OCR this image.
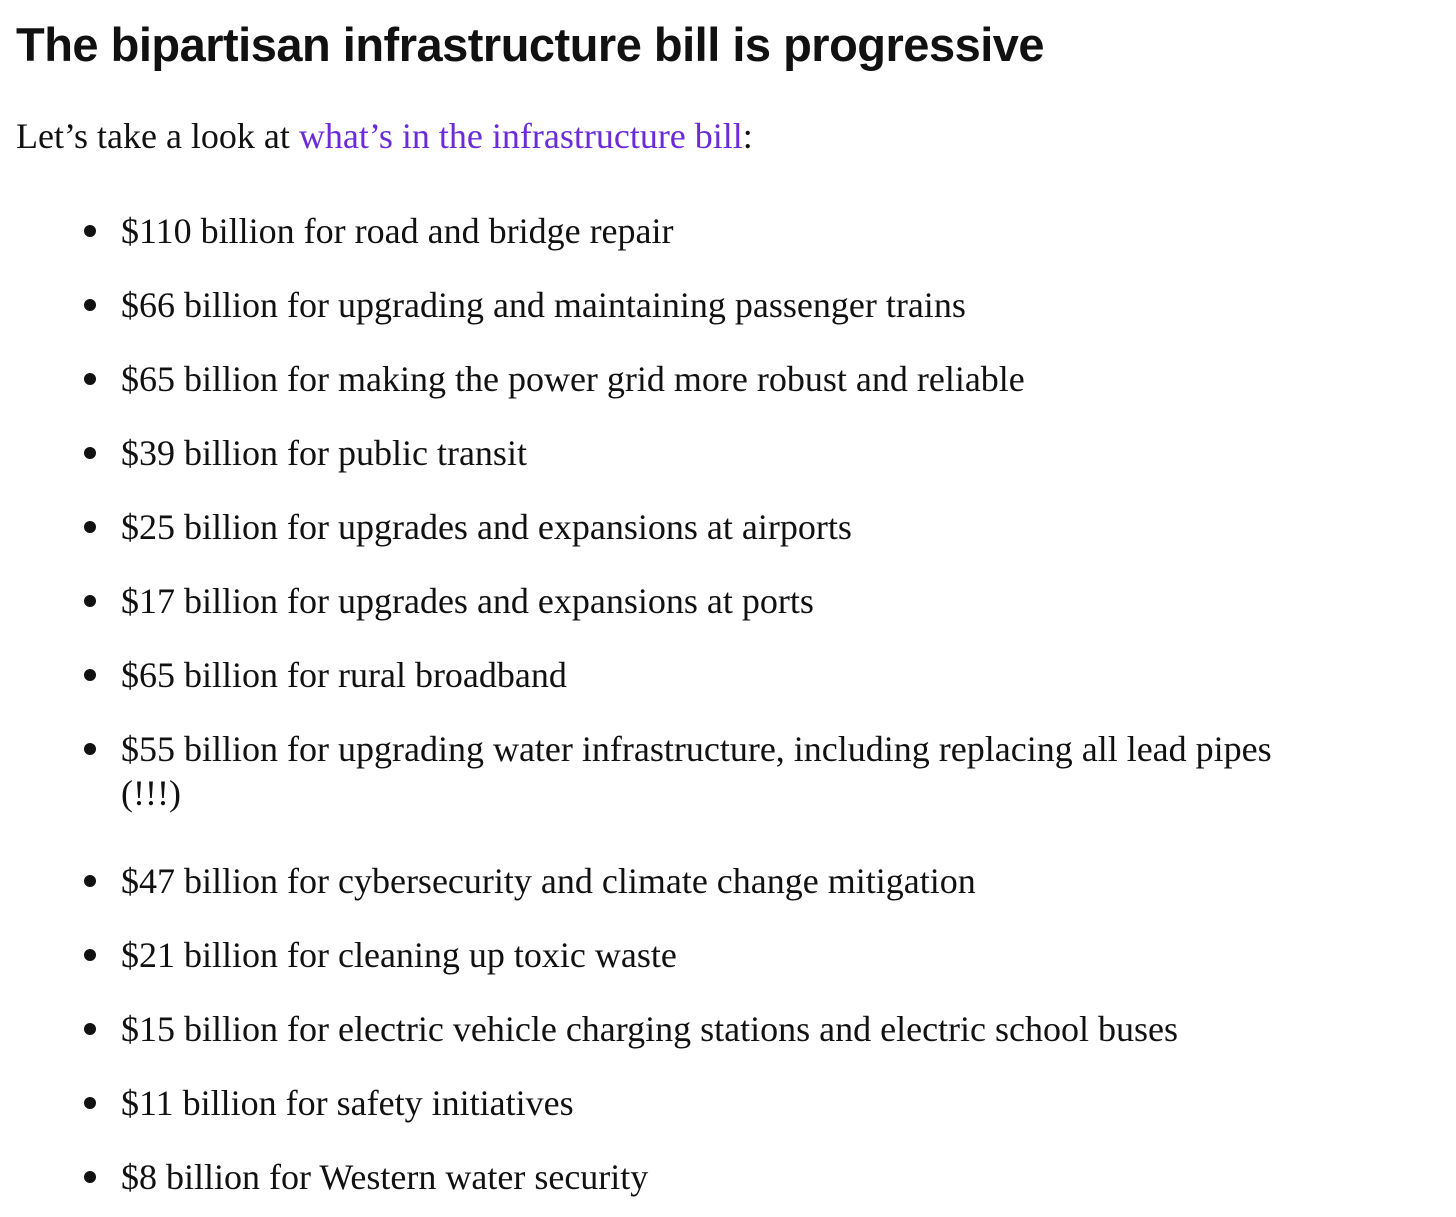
The bipartisan infrastructure bill is progressive

Let’s take a look at what’s in the infrastructure bill:

$110 billion for road and bridge repair
$66 billion for upgrading and maintaining passenger trains
$65 billion for making the power grid more robust and reliable
$39 billion for public transit
$25 billion for upgrades and expansions at airports
$17 billion for upgrades and expansions at ports
$65 billion for rural broadband
$55 billion for upgrading water infrastructure, including replacing all lead pipes
(!!!)
$47 billion for cybersecurity and climate change mitigation
$21 billion for cleaning up toxic waste
$15 billion for electric vehicle charging stations and electric school buses
$11 billion for safety initiatives
$8 billion for Western water security
